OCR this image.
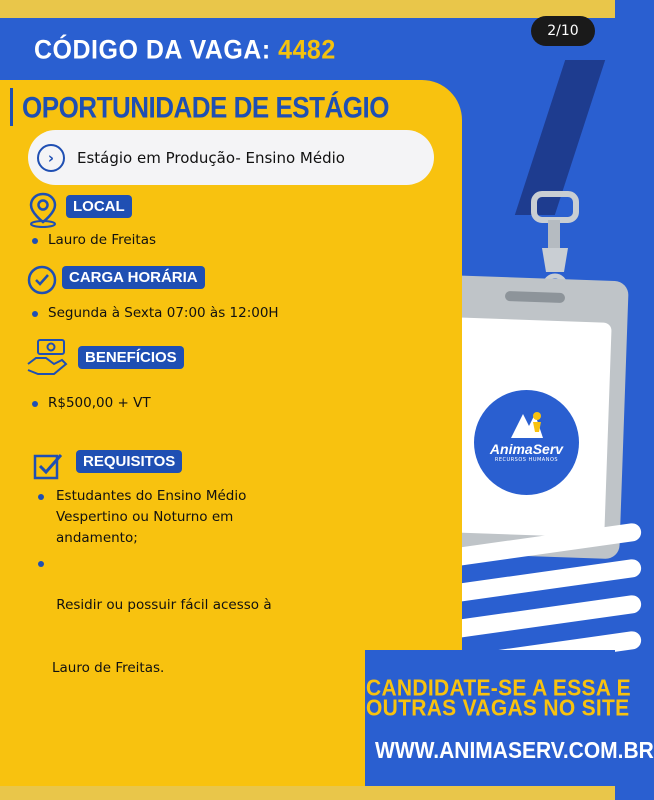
CÓDIGO DA VAGA: 4482
AnimaServ
RECURSOS HUMANOS
OPORTUNIDADE DE ESTÁGIO
›	Estágio em Produção- Ensino Médio
LOCAL
Lauro de Freitas
CARGA HORÁRIA
Segunda à Sexta 07:00 às 12:00H
BENEFÍCIOS
R$500,00 + VT
REQUISITOS
Estudantes do Ensino Médio
Vespertino ou Noturno em
andamento;

Residir ou possuir fácil acesso à

Lauro de Freitas.

CANDIDATE-SE A ESSA E
OUTRAS VAGAS NO SITE
WWW.ANIMASERV.COM.BR
2/10
